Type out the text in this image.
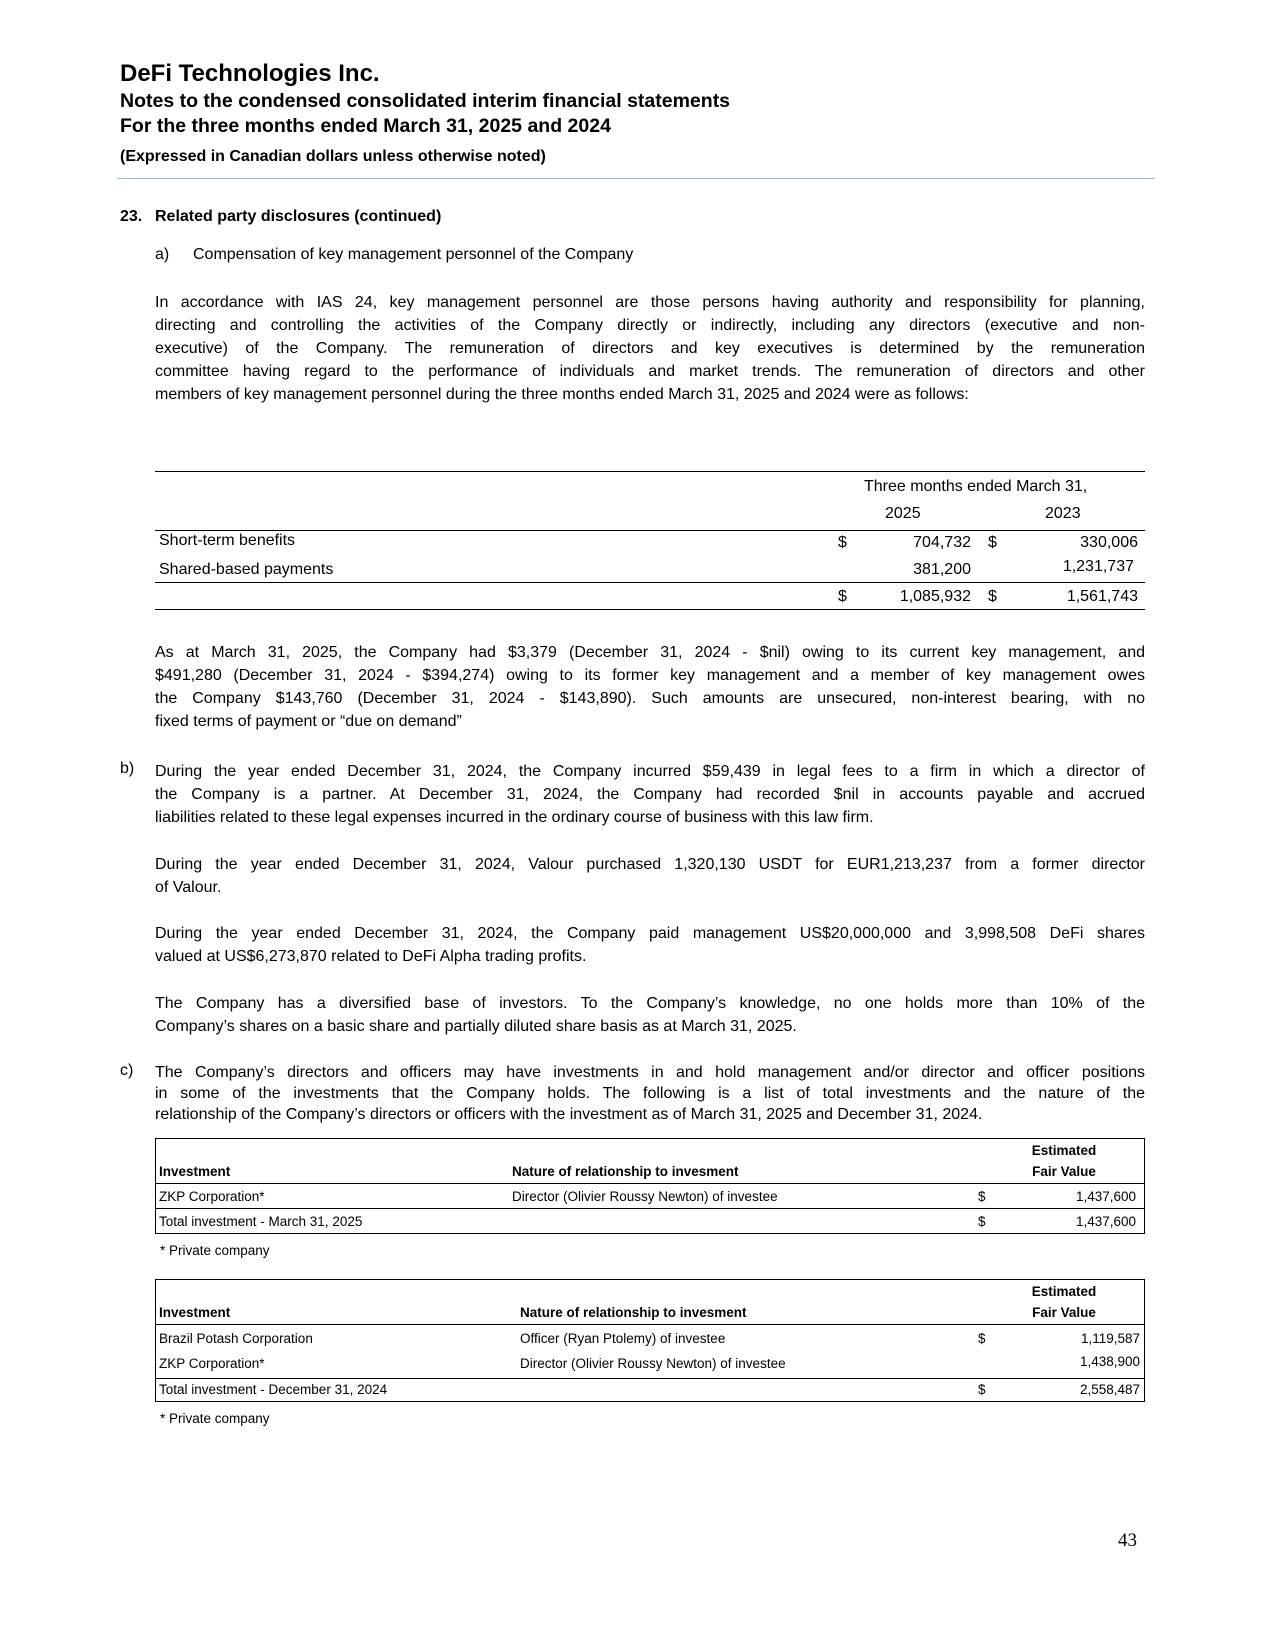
DeFi Technologies Inc.
Notes to the condensed consolidated interim financial statements
For the three months ended March 31, 2025 and 2024
(Expressed in Canadian dollars unless otherwise noted)
23. Related party disclosures (continued)
a) Compensation of key management personnel of the Company
In accordance with IAS 24, key management personnel are those persons having authority and responsibility for planning,
directing and controlling the activities of the Company directly or indirectly, including any directors (executive and non-
executive) of the Company. The remuneration of directors and key executives is determined by the remuneration
committee having regard to the performance of individuals and market trends. The remuneration of directors and other
members of key management personnel during the three months ended March 31, 2025 and 2024 were as follows:
Three months ended March 31,
2025	2023
Short-term benefits	$	704,732 $	330,006
Shared-based payments	381,200	1,231,737
$	1,085,932 $	1,561,743
As at March 31, 2025, the Company had $3,379 (December 31, 2024 - $nil) owing to its current key management, and
$491,280 (December 31, 2024 - $394,274) owing to its former key management and a member of key management owes
the Company $143,760 (December 31, 2024 - $143,890). Such amounts are unsecured, non-interest bearing, with no
fixed terms of payment or “due on demand”
b) During the year ended December 31, 2024, the Company incurred $59,439 in legal fees to a firm in which a director of
the Company is a partner. At December 31, 2024, the Company had recorded $nil in accounts payable and accrued
liabilities related to these legal expenses incurred in the ordinary course of business with this law firm.
During the year ended December 31, 2024, Valour purchased 1,320,130 USDT for EUR1,213,237 from a former director
of Valour.
During the year ended December 31, 2024, the Company paid management US$20,000,000 and 3,998,508 DeFi shares
valued at US$6,273,870 related to DeFi Alpha trading profits.
The Company has a diversified base of investors. To the Company’s knowledge, no one holds more than 10% of the
Company’s shares on a basic share and partially diluted share basis as at March 31, 2025.
c) The Company’s directors and officers may have investments in and hold management and/or director and officer positions
in some of the investments that the Company holds. The following is a list of total investments and the nature of the
relationship of the Company’s directors or officers with the investment as of March 31, 2025 and December 31, 2024.
Estimated
Investment	Nature of relationship to invesment	Fair Value
ZKP Corporation*	Director (Olivier Roussy Newton) of investee	$	1,437,600
Total investment - March 31, 2025	$	1,437,600
* Private company
Estimated
Investment	Nature of relationship to invesment	Fair Value
Brazil Potash Corporation	Officer (Ryan Ptolemy) of investee	$	1,119,587
ZKP Corporation*	Director (Olivier Roussy Newton) of investee	1,438,900
Total investment - December 31, 2024	$	2,558,487
* Private company
43
